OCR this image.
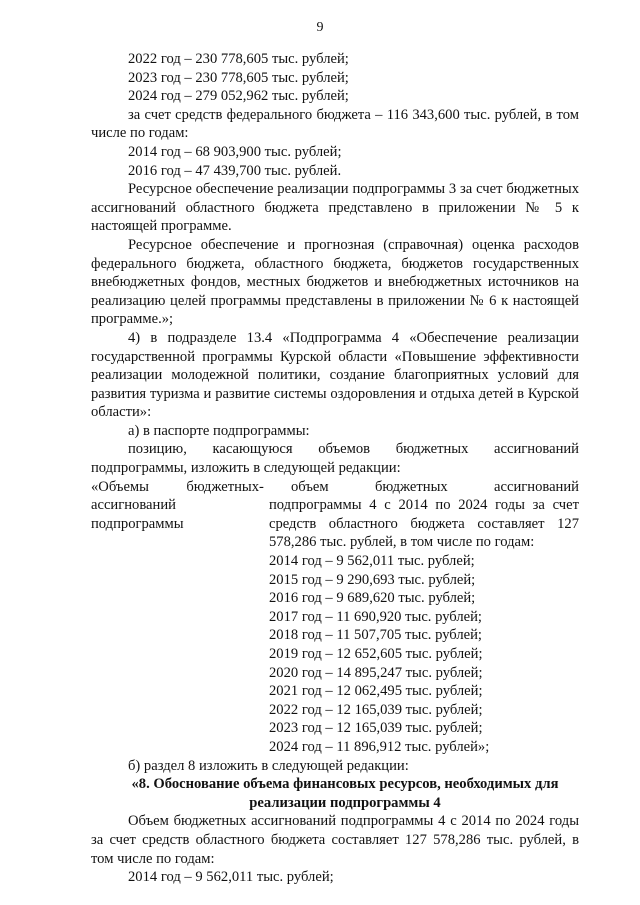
9

2022 год – 230 778,605 тыс. рублей;

2023 год – 230 778,605 тыс. рублей;

2024 год – 279 052,962 тыс. рублей;

за счет средств федерального бюджета – 116 343,600 тыс. рублей, в том числе по годам:

2014 год – 68 903,900 тыс. рублей;

2016 год – 47 439,700 тыс. рублей.

Ресурсное обеспечение реализации подпрограммы 3 за счет бюджетных ассигнований областного бюджета представлено в приложении № 5 к настоящей программе.

Ресурсное обеспечение и прогнозная (справочная) оценка расходов федерального бюджета, областного бюджета, бюджетов государственных внебюджетных фондов, местных бюджетов и внебюджетных источников на реализацию целей программы представлены в приложении № 6 к настоящей программе.»;

4) в подразделе 13.4 «Подпрограмма 4 «Обеспечение реализации государственной программы Курской области «Повышение эффективности реализации молодежной политики, создание благоприятных условий для развития туризма и развитие системы оздоровления и отдыха детей в Курской области»:

а) в паспорте подпрограммы:

позицию, касающуюся объемов бюджетных ассигнований подпрограммы, изложить в следующей редакции:

«Объемы	бюджетных
ассигнований подпрограммы
-	объем бюджетных ассигнований подпрограммы 4 с 2014 по 2024 годы за счет средств областного бюджета составляет 127 578,286 тыс. рублей, в том числе по годам:

2014 год – 9 562,011 тыс. рублей;

2015 год – 9 290,693 тыс. рублей;

2016 год – 9 689,620 тыс. рублей;

2017 год – 11 690,920 тыс. рублей;

2018 год – 11 507,705 тыс. рублей;

2019 год – 12 652,605 тыс. рублей;

2020 год – 14 895,247 тыс. рублей;

2021 год – 12 062,495 тыс. рублей;

2022 год – 12 165,039 тыс. рублей;

2023 год – 12 165,039 тыс. рублей;

2024 год – 11 896,912 тыс. рублей»;

б) раздел 8 изложить в следующей редакции:

«8. Обоснование объема финансовых ресурсов, необходимых для реализации подпрограммы 4

Объем бюджетных ассигнований подпрограммы 4 с 2014 по 2024 годы за счет средств областного бюджета составляет 127 578,286 тыс. рублей, в том числе по годам:

2014 год – 9 562,011 тыс. рублей;
